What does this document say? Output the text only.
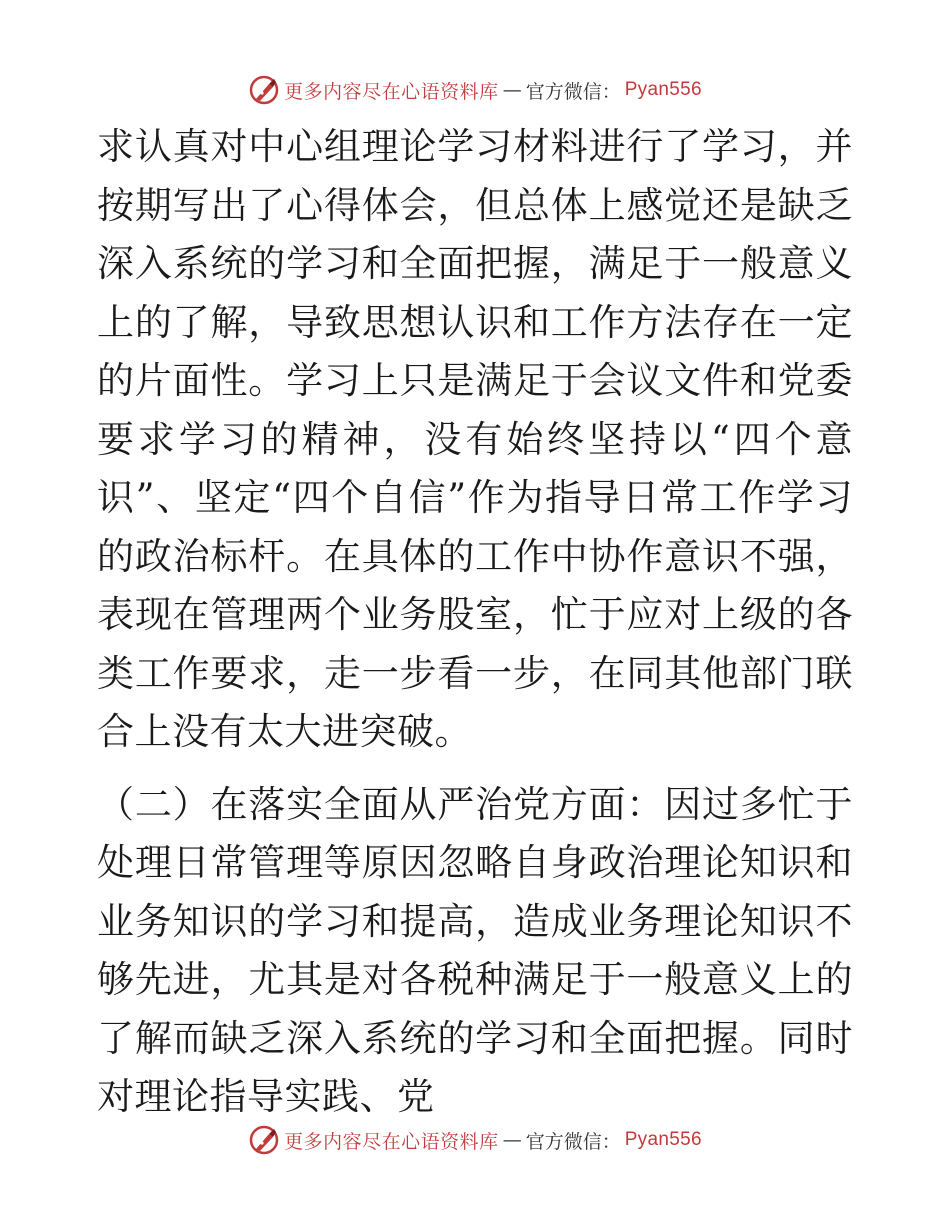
更多内容尽在心语资料库 — 官方微信： Pyan556

求认真对中心组理论学习材料进行了学习，并按期写出了心得体会，但总体上感觉还是缺乏深入系统的学习和全面把握，满足于一般意义上的了解，导致思想认识和工作方法存在一定的片面性。学习上只是满足于会议文件和党委要求学习的精神，没有始终坚持以“四个意识”、坚定“四个自信”作为指导日常工作学习的政治标杆。在具体的工作中协作意识不强，表现在管理两个业务股室，忙于应对上级的各类工作要求，走一步看一步，在同其他部门联合上没有太大进突破。

（二）在落实全面从严治党方面：因过多忙于处理日常管理等原因忽略自身政治理论知识和业务知识的学习和提高，造成业务理论知识不够先进，尤其是对各税种满足于一般意义上的了解而缺乏深入系统的学习和全面把握。同时对理论指导实践、党

更多内容尽在心语资料库 — 官方微信： Pyan556
